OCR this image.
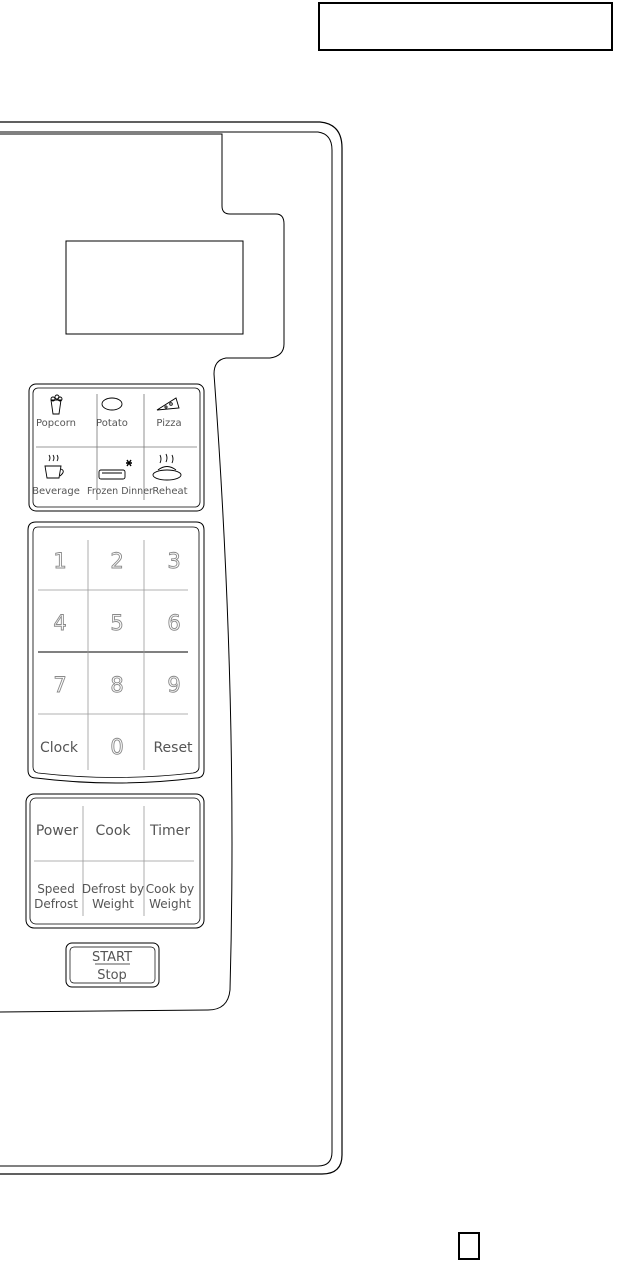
Popcorn Potato	Pizza
Beverage Frozen Dinner Reheat
1 2 3
4 5 6
7 8 9
0
Clock	Reset
Power Cook Timer
Speed
Defrost
Defrost by
Weight
Cook by
Weight
START
Stop
